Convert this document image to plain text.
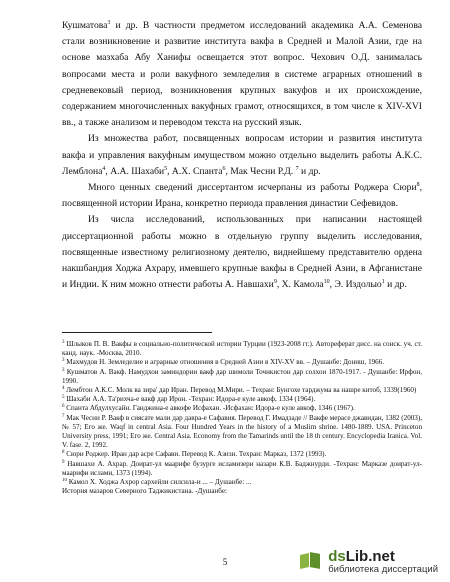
Кушматова$^3$ и др. В частности предметом исследований академика А.А. Семенова стали возникновение и развитие института вакфа в Средней и Малой Азии, где на основе мазхаба Абу Ханифы освещается этот вопрос. Чехович О.Д. занималась вопросами места и роли вакуфного земледелия в системе аграрных отношений в средневековый период, возникновения крупных вакуфов и их происхождение, содержанием многочисленных вакуфных грамот, относящихся, в том числе к XIV-XVI вв., а также анализом и переводом текста на русский язык.

Из множества работ, посвященных вопросам истории и развития института вакфа и управления вакуфным имуществом можно отдельно выделить работы А.К.С. Лемблона$^4$, А.А. Шахаби$^5$, А.Х. Спанта$^6$, Мак Чесни Р.Д. $^7$ и др.

Много ценных сведений диссертантом исчерпаны из работы Роджера Сюри$^8$, посвященной истории Ирана, конкретно периода правления династии Сефевидов.

Из числа исследований, использованных при написании настоящей диссертационной работы можно в отдельную группу выделить исследования, посвященные известному религиозному деятелю, виднейшему представителю ордена накшбандия Ходжа Ахрару, имевшего крупные вакфы в Средней Азии, в Афганистане и Индии. К ним можно отнести работы А. Навшахи$^9$, Х. Камола$^{10}$, Э. Издолыо$^1$ и др.

$^3$ Шлыков П. В. Вакфы в социально-политической истории Турции (1923-2008 гг.). Автореферат дисс. на соиск. уч. ст. канд. наук. -Москва, 2010.

$^3$ Махмудов Н. Земледелие и аграрные отношения в Средней Азии в XIV-XV вв. – Душанбе: Дониш, 1966.

$^3$ Кушматов А. Вакф. Намудхои заминдории вакф дар шимоли Точикистон дар солхои 1870-1917. - Душанбе: Ирфон, 1990.

$^4$ Лембтон А.К.С. Молк ва зира' дар Иран. Перевод М.Мири. – Техран: Бунгохе тарджума ва нашре китоб, 1339(1960)

$^5$ Шахаби А.А. Та'рихча-е вакф дар Ирон. -Техран: Идора-е кулe авкоф, 1334 (1964).

$^6$ Спанта Абдулхусайн. Ганджина-е авкофе Исфахан. -Исфахан: Идора-е кулe авкоф, 1346 (1967).

$^7$ Мак Чесни Р. Вакф в сиясате мали дар давра-е Сафавия. Перевод Г. Имадзаде // Вакфе мерасе джавидан, 1382 (2003), № 57; Его же. Waqf in central Asia. Four Hundred Years in the history of a Muslim shrine. 1480-1889. USA. Princeton University press, 1991; Его же. Central Asia. Economy from the Tamarinds until the 18 th century. Encyclopedia Iranica. Vol. V. fase. 2, 1992.

$^8$ Сюри Роджер. Иран дар асре Сафави. Перевод К. Азизи. Техран: Марказ, 1372 (1993).

$^9$ Навшахи А. Ахрар. Доират-ул маарифе бузурге исламизери назари К.В. Баджнурди. -Техран: Марказе доират-ул- маарифи ислами, 1373 (1994).

$^{10}$ Камол Х. Ходжа Ахрор сархейли силсила-и ... – Душанбе: ...

История мазаров Северного Таджикистана. -Душанбе:

5	dsLib.net
библиотека диссертаций
